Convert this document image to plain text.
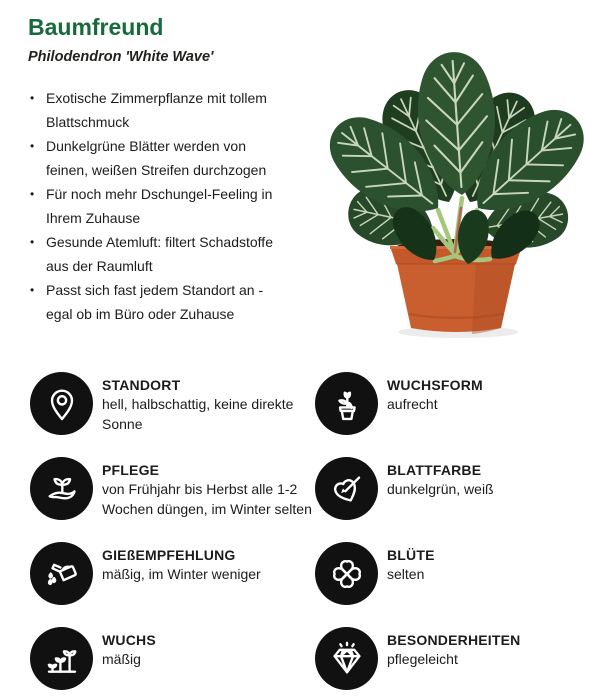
Baumfreund
Philodendron 'White Wave'
• Exotische Zimmerpflanze mit tollem Blattschmuck
• Dunkelgrüne Blätter werden von feinen, weißen Streifen durchzogen
• Für noch mehr Dschungel-Feeling in Ihrem Zuhause
• Gesunde Atemluft: filtert Schadstoffe aus der Raumluft
• Passt sich fast jedem Standort an - egal ob im Büro oder Zuhause
STANDORT
hell, halbschattig, keine direkte Sonne
WUCHSFORM
aufrecht
PFLEGE
von Frühjahr bis Herbst alle 1-2 Wochen düngen, im Winter selten
BLATTFARBE
dunkelgrün, weiß
GIEßEMPFEHLUNG
mäßig, im Winter weniger
BLÜTE
selten
WUCHS
mäßig
BESONDERHEITEN
pflegeleicht
